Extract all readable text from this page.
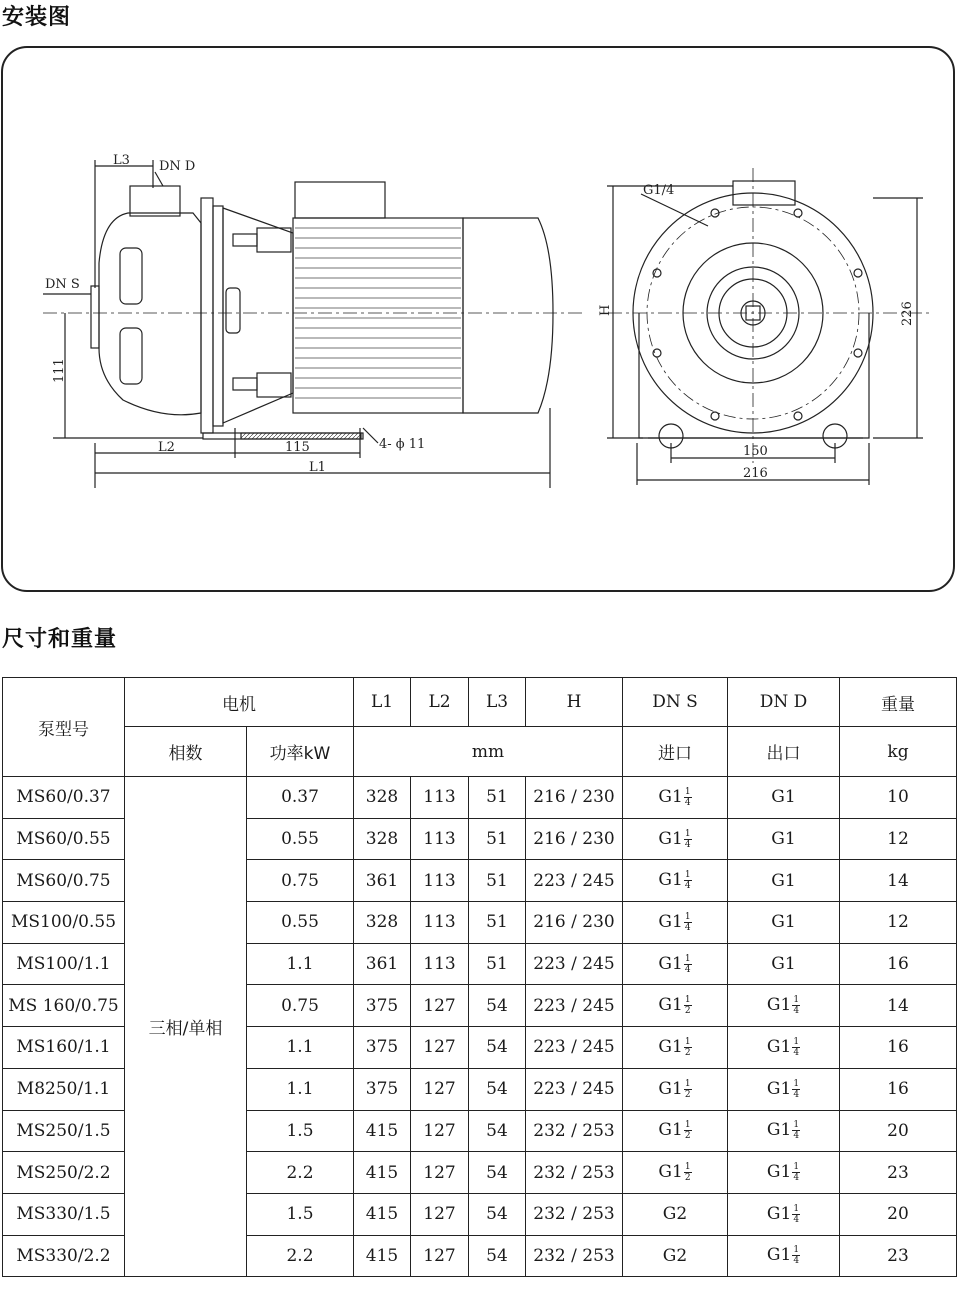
安装图
L3 DN D
DN S
111
L2	115	4- ϕ 11
L1
G1/4
H	226
150
216
尺寸和重量
泵型号	电机		L1	L2	L3	H	DN S	DN D	重量
	相数	功率kW	mm				进口	出口	kg
MS60/0.37	三相/单相	0.37	328	113	51	216 / 230	$G1 \frac{1}{4}$	G1	10
MS60/0.55		0.55	328	113	51	216 / 230	$G1 \frac{1}{4}$	G1	12
MS60/0.75		0.75	361	113	51	223 / 245	$G1 \frac{1}{4}$	G1	14
MS100/0.55		0.55	328	113	51	216 / 230	$G1 \frac{1}{4}$	G1	12
MS100/1.1		1.1	361	113	51	223 / 245	$G1 \frac{1}{4}$	G1	16
MS 160/0.75		0.75	375	127	54	223 / 245	$G1 \frac{1}{2}$	$G1 \frac{1}{4}$	14
MS160/1.1		1.1	375	127	54	223 / 245	$G1 \frac{1}{2}$	$G1 \frac{1}{4}$	16
M8250/1.1		1.1	375	127	54	223 / 245	$G1 \frac{1}{2}$	$G1 \frac{1}{4}$	16
MS250/1.5		1.5	415	127	54	232 / 253	$G1 \frac{1}{2}$	$G1 \frac{1}{4}$	20
MS250/2.2		2.2	415	127	54	232 / 253	$G1 \frac{1}{2}$	$G1 \frac{1}{4}$	23
MS330/1.5		1.5	415	127	54	232 / 253	G2	$G1 \frac{1}{4}$	20
MS330/2.2		2.2	415	127	54	232 / 253	G2	$G1 \frac{1}{4}$	23
